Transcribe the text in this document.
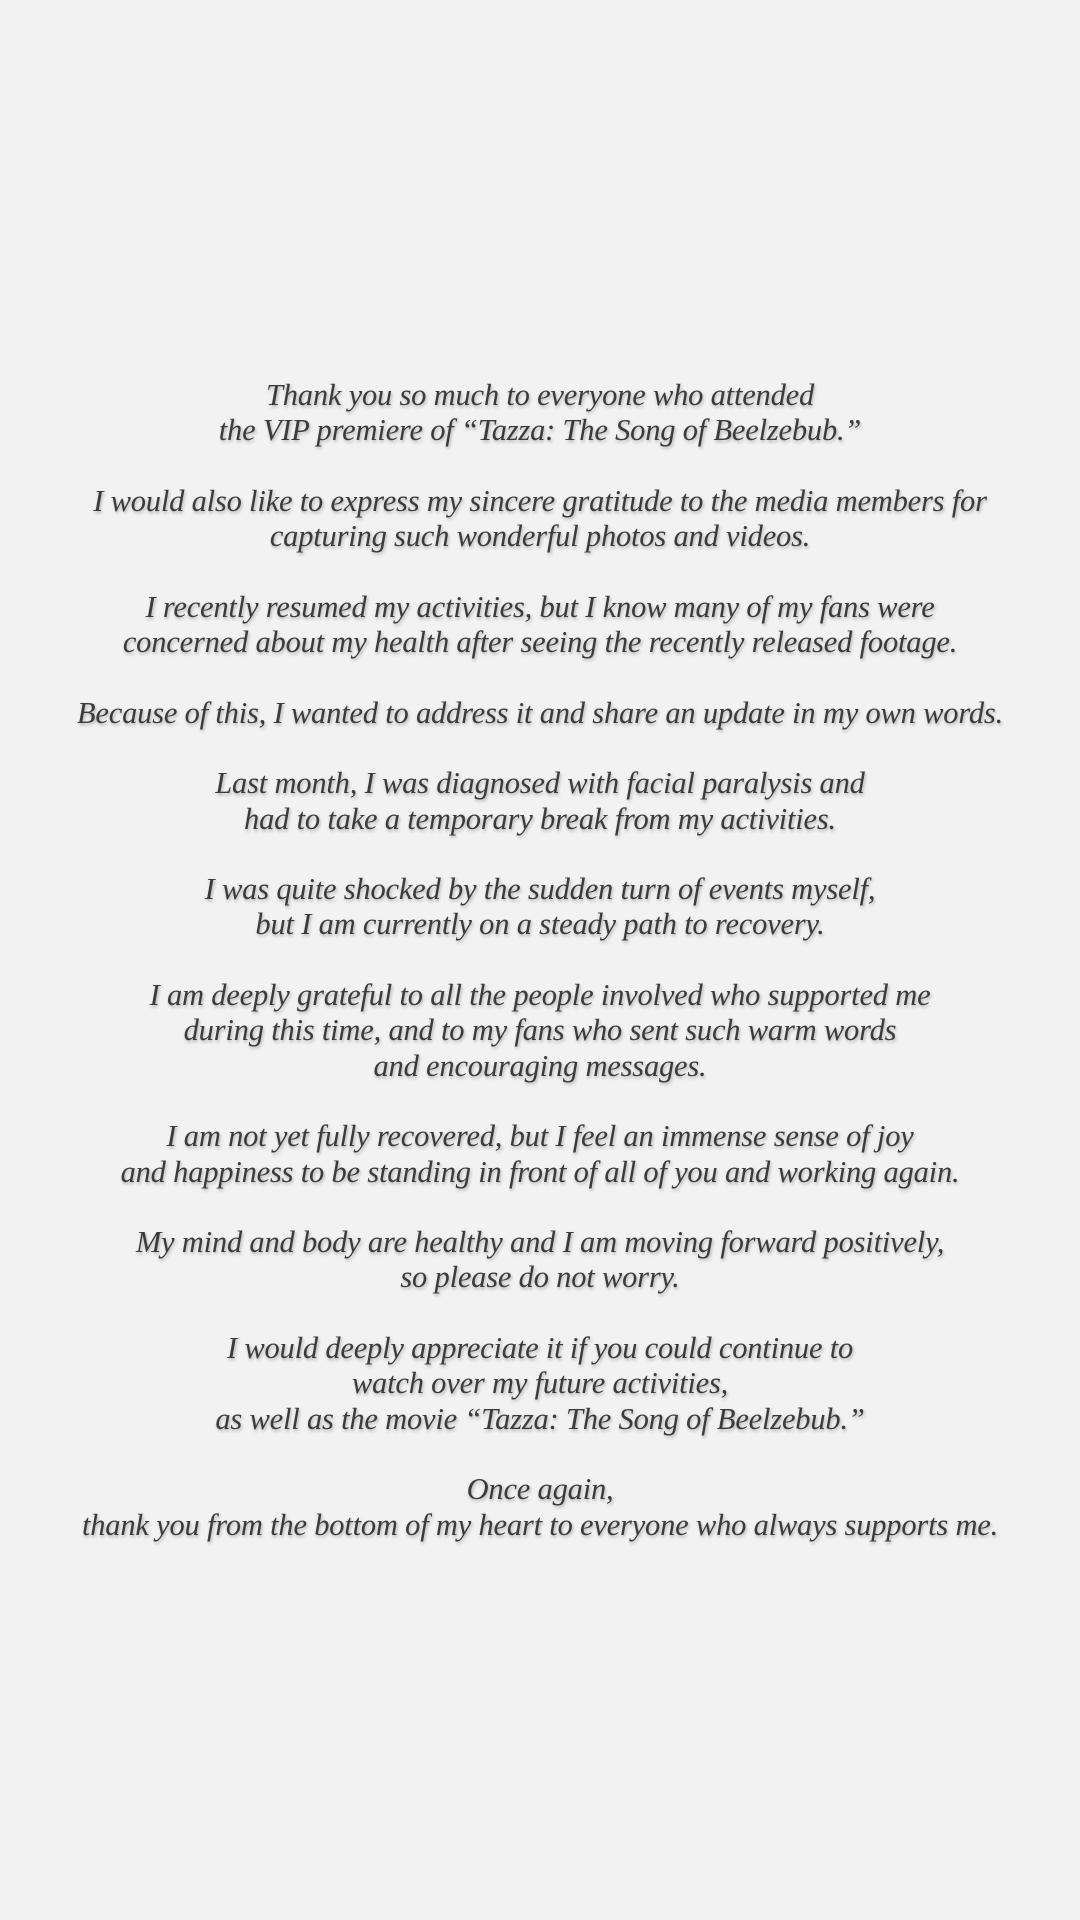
Thank you so much to everyone who attended
the VIP premiere of “Tazza: The Song of Beelzebub.”

I would also like to express my sincere gratitude to the media members for
capturing such wonderful photos and videos.

I recently resumed my activities, but I know many of my fans were
concerned about my health after seeing the recently released footage.

Because of this, I wanted to address it and share an update in my own words.

Last month, I was diagnosed with facial paralysis and
had to take a temporary break from my activities.

I was quite shocked by the sudden turn of events myself,
but I am currently on a steady path to recovery.

I am deeply grateful to all the people involved who supported me
during this time, and to my fans who sent such warm words
and encouraging messages.

I am not yet fully recovered, but I feel an immense sense of joy
and happiness to be standing in front of all of you and working again.

My mind and body are healthy and I am moving forward positively,
so please do not worry.

I would deeply appreciate it if you could continue to
watch over my future activities,
as well as the movie “Tazza: The Song of Beelzebub.”

Once again,
thank you from the bottom of my heart to everyone who always supports me.
